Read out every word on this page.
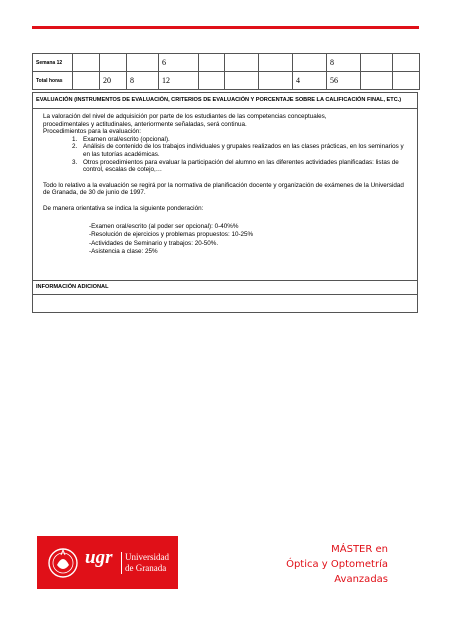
Semana 12				6					8		
Total horas		20	8	12				4	56		
EVALUACIÓN (INSTRUMENTOS DE EVALUACIÓN, CRITERIOS DE EVALUACIÓN Y PORCENTAJE SOBRE LA CALIFICACIÓN FINAL, ETC.)

La valoración del nivel de adquisición por parte de los estudiantes de las competencias conceptuales,

procedimentales y actitudinales, anteriormente señaladas, será continua.

Procedimientos para la evaluación:

1. Examen oral/escrito (opcional).
2. Análisis de contenido de los trabajos individuales y grupales realizados en las clases prácticas, en los seminarios y en las tutorías académicas.
3. Otros procedimientos para evaluar la participación del alumno en las diferentes actividades planificadas: listas de control, escalas de cotejo,…

Todo lo relativo a la evaluación se regirá por la normativa de planificación docente y organización de exámenes de la Universidad de Granada, de 30 de junio de 1997.

De manera orientativa se indica la siguiente ponderación:

-Examen oral/escrito (al poder ser opcional): 0-40%%
-Resolución de ejercicios y problemas propuestos: 10-25%
-Actividades de Seminario y trabajos: 20-50%.
-Asistencia a clase: 25%
INFORMACIÓN ADICIONAL
ugr Universidad
de Granada
MÁSTER en
Óptica y Optometría
Avanzadas
